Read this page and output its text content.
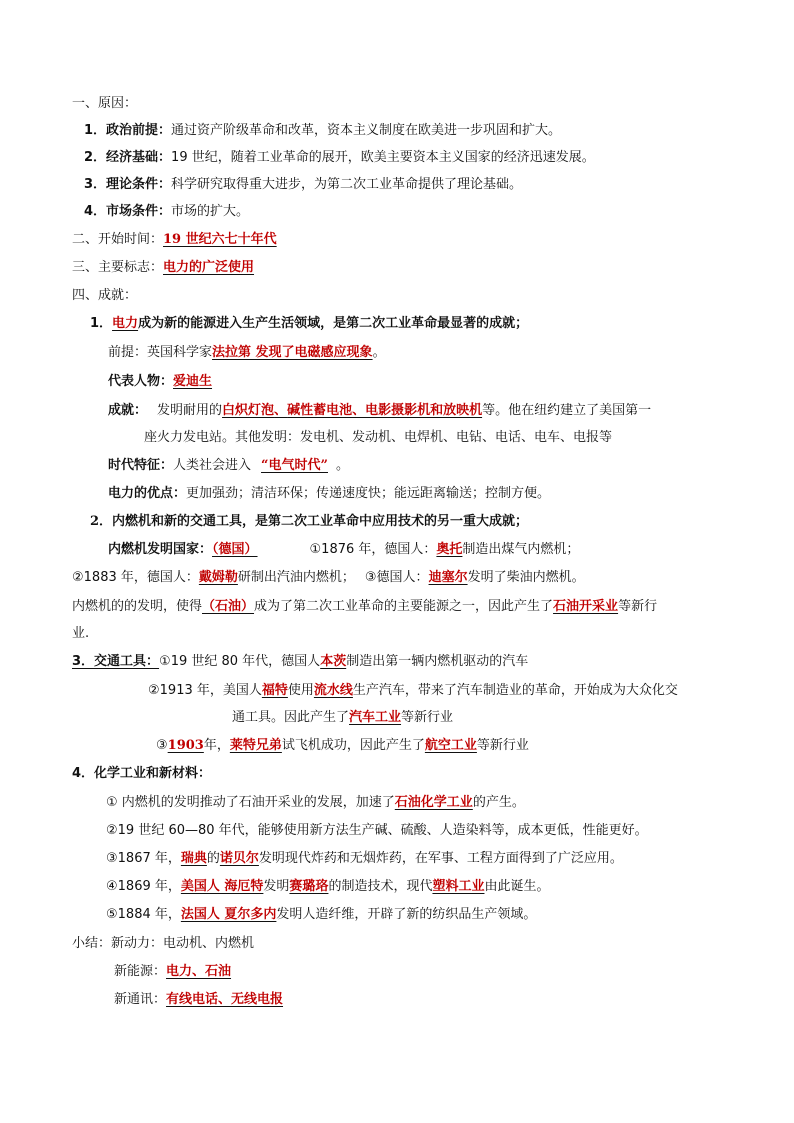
一、原因：
1．政治前提：通过资产阶级革命和改革，资本主义制度在欧美进一步巩固和扩大。
2．经济基础：19 世纪，随着工业革命的展开，欧美主要资本主义国家的经济迅速发展。
3．理论条件：科学研究取得重大进步，为第二次工业革命提供了理论基础。
4．市场条件：市场的扩大。
二、开始时间：19 世纪六七十年代
三、主要标志：电力的广泛使用
四、成就：
1．电力成为新的能源进入生产生活领域，是第二次工业革命最显著的成就；
前提：英国科学家法拉第 发现了电磁感应现象。
代表人物：爱迪生
成就： 发明耐用的白炽灯泡、碱性蓄电池、电影摄影机和放映机等。他在纽约建立了美国第一
座火力发电站。其他发明：发电机、发动机、电焊机、电钻、电话、电车、电报等
时代特征：人类社会进入 “电气时代” 。
电力的优点：更加强劲；清洁环保；传递速度快；能远距离输送；控制方便。
2．内燃机和新的交通工具，是第二次工业革命中应用技术的另一重大成就；
内燃机发明国家：（德国）	①1876 年，德国人：奥托制造出煤气内燃机；
②1883 年，德国人：戴姆勒研制出汽油内燃机； ③德国人：迪塞尔发明了柴油内燃机。
内燃机的的发明，使得（石油）成为了第二次工业革命的主要能源之一，因此产生了石油开采业等新行
业.
3．交通工具：①19 世纪 80 年代，德国人本茨制造出第一辆内燃机驱动的汽车
②1913 年，美国人福特使用流水线生产汽车，带来了汽车制造业的革命，开始成为大众化交
通工具。因此产生了汽车工业等新行业
③1903年，莱特兄弟试飞机成功，因此产生了航空工业等新行业
4．化学工业和新材料：
① 内燃机的发明推动了石油开采业的发展，加速了石油化学工业的产生。
②19 世纪 60—80 年代，能够使用新方法生产碱、硫酸、人造染料等，成本更低，性能更好。
③1867 年，瑞典的诺贝尔发明现代炸药和无烟炸药，在军事、工程方面得到了广泛应用。
④1869 年，美国人 海厄特发明赛璐珞的制造技术，现代塑料工业由此诞生。
⑤1884 年，法国人 夏尔多内发明人造纤维，开辟了新的纺织品生产领域。
小结：新动力：电动机、内燃机
新能源：电力、石油
新通讯：有线电话、无线电报
